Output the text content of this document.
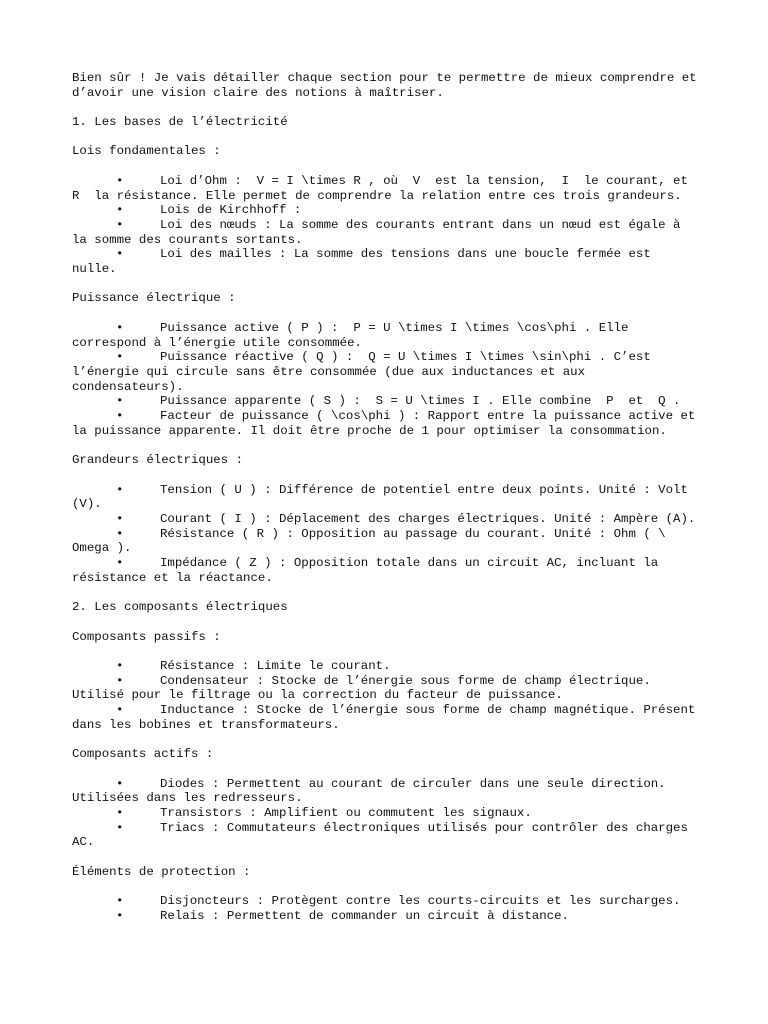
Bien sûr ! Je vais détailler chaque section pour te permettre de mieux comprendre et d’avoir une vision claire des notions à maîtriser.

1. Les bases de l’électricité

Lois fondamentales :

•	Loi d’Ohm :  V = I \times R , où  V  est la tension,  I  le courant, et R  la résistance. Elle permet de comprendre la relation entre ces trois grandeurs.

•	Lois de Kirchhoff :

•	Loi des nœuds : La somme des courants entrant dans un nœud est égale à la somme des courants sortants.

•	Loi des mailles : La somme des tensions dans une boucle fermée est nulle.

Puissance électrique :

•	Puissance active ( P ) :  P = U \times I \times \cos\phi . Elle correspond à l’énergie utile consommée.

•	Puissance réactive ( Q ) :  Q = U \times I \times \sin\phi . C’est l’énergie qui circule sans être consommée (due aux inductances et aux condensateurs).

•	Puissance apparente ( S ) :  S = U \times I . Elle combine  P  et  Q .

•	Facteur de puissance ( \cos\phi ) : Rapport entre la puissance active et la puissance apparente. Il doit être proche de 1 pour optimiser la consommation.

Grandeurs électriques :

•	Tension ( U ) : Différence de potentiel entre deux points. Unité : Volt (V).

•	Courant ( I ) : Déplacement des charges électriques. Unité : Ampère (A).

•	Résistance ( R ) : Opposition au passage du courant. Unité : Ohm ( \ Omega ).

•	Impédance ( Z ) : Opposition totale dans un circuit AC, incluant la résistance et la réactance.

2. Les composants électriques

Composants passifs :

•	Résistance : Limite le courant.

•	Condensateur : Stocke de l’énergie sous forme de champ électrique. Utilisé pour le filtrage ou la correction du facteur de puissance.

•	Inductance : Stocke de l’énergie sous forme de champ magnétique. Présent dans les bobines et transformateurs.

Composants actifs :

•	Diodes : Permettent au courant de circuler dans une seule direction. Utilisées dans les redresseurs.

•	Transistors : Amplifient ou commutent les signaux.

•	Triacs : Commutateurs électroniques utilisés pour contrôler des charges AC.

Éléments de protection :

•	Disjoncteurs : Protègent contre les courts-circuits et les surcharges.

•	Relais : Permettent de commander un circuit à distance.
